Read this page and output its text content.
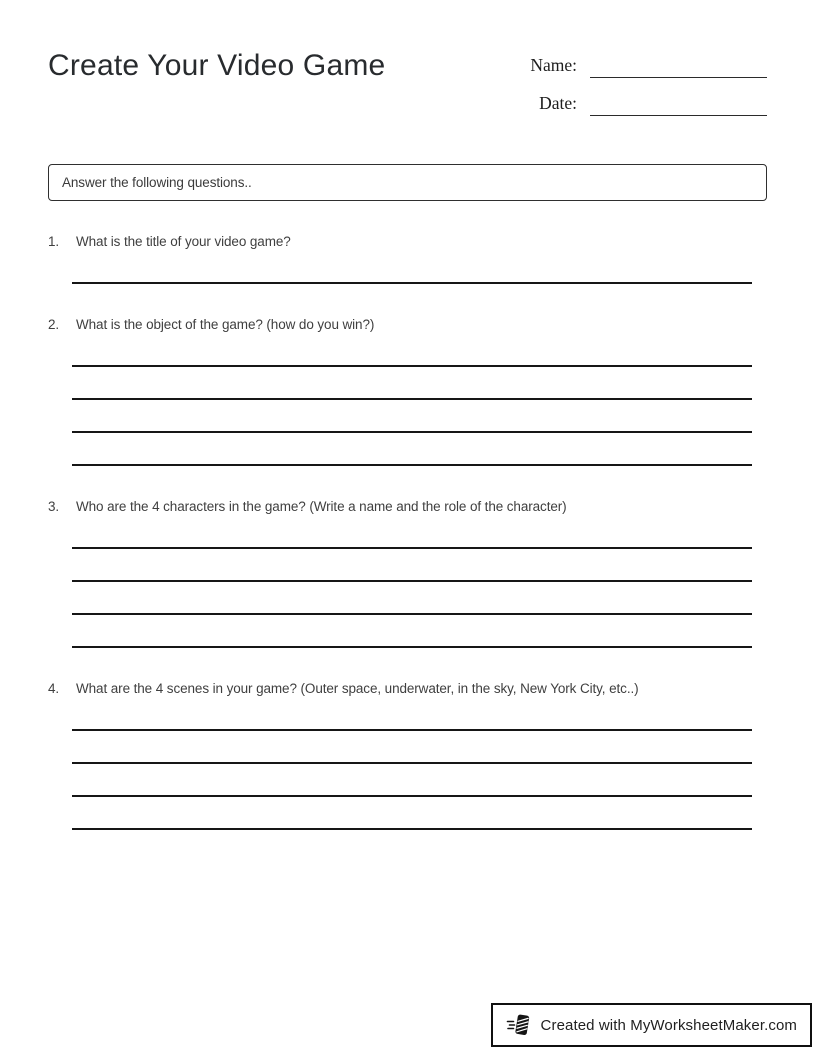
Create Your Video Game	Name:
Date:
Answer the following questions..
1.	What is the title of your video game?
2.	What is the object of the game? (how do you win?)
3.	Who are the 4 characters in the game? (Write a name and the role of the character)
4.	What are the 4 scenes in your game? (Outer space, underwater, in the sky, New York City, etc..)
Created with MyWorksheetMaker.com
